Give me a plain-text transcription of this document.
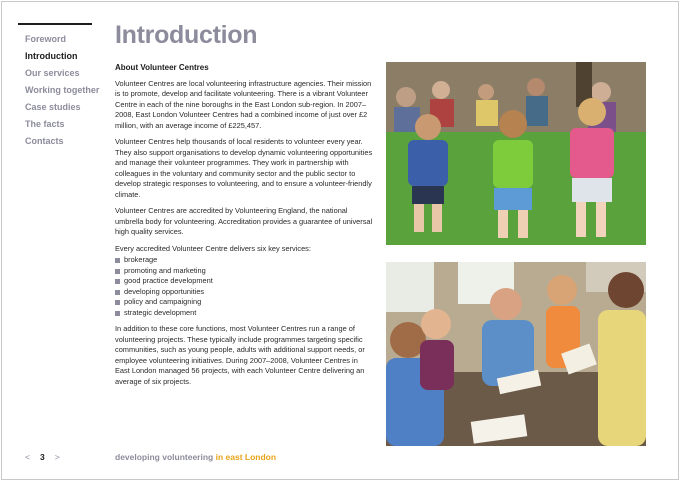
Foreword
Introduction
Our services
Working together
Case studies
The facts
Contacts
Introduction
About Volunteer Centres

Volunteer Centres are local volunteering infrastructure agencies. Their mission is to promote, develop and facilitate volunteering. There is a vibrant Volunteer Centre in each of the nine boroughs in the East London sub-region. In 2007–2008, East London Volunteer Centres had a combined income of just over £2 million, with an average income of £225,457.

Volunteer Centres help thousands of local residents to volunteer every year. They also support organisations to develop dynamic volunteering opportunities and manage their volunteer programmes. They work in partnership with colleagues in the voluntary and community sector and the public sector to develop strategic responses to volunteering, and to ensure a volunteer-friendly climate.

Volunteer Centres are accredited by Volunteering England, the national umbrella body for volunteering. Accreditation provides a guarantee of universal high quality services.

Every accredited Volunteer Centre delivers six key services:

brokerage
promoting and marketing
good practice development
developing opportunities
policy and campaigning
strategic development

In addition to these core functions, most Volunteer Centres run a range of volunteering projects. These typically include programmes targeting specific communities, such as young people, adults with additional support needs, or employee volunteering initiatives. During 2007–2008, Volunteer Centres in East London managed 56 projects, with each Volunteer Centre delivering an average of six projects.

< 3 >	developing volunteering in east London
